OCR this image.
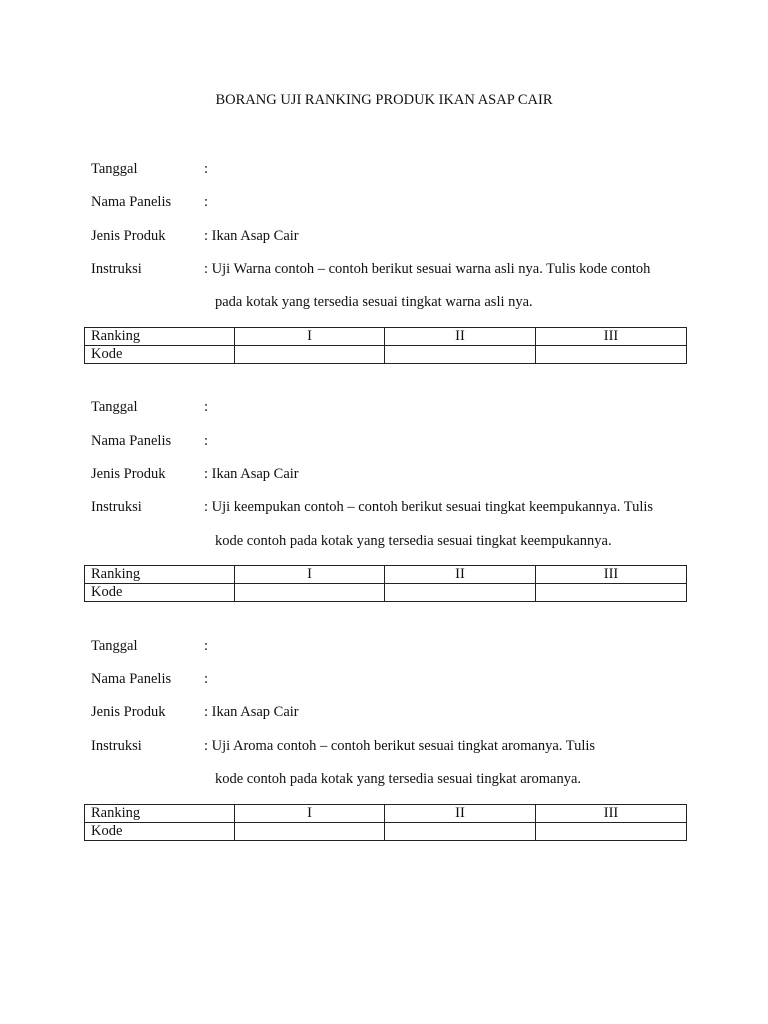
BORANG UJI RANKING PRODUK IKAN ASAP CAIR
Tanggal	:
Nama Panelis :
Jenis Produk	: Ikan Asap Cair
Instruksi	: Uji Warna contoh – contoh berikut sesuai warna asli nya. Tulis kode contoh
pada kotak yang tersedia sesuai tingkat warna asli nya.
Ranking	I	II	III
Kode			
Tanggal	:
Nama Panelis :
Jenis Produk	: Ikan Asap Cair
Instruksi	: Uji keempukan contoh – contoh berikut sesuai tingkat keempukannya. Tulis
kode contoh pada kotak yang tersedia sesuai tingkat keempukannya.
Ranking	I	II	III
Kode			
Tanggal	:
Nama Panelis :
Jenis Produk	: Ikan Asap Cair
Instruksi	: Uji Aroma contoh – contoh berikut sesuai tingkat aromanya. Tulis
kode contoh pada kotak yang tersedia sesuai tingkat aromanya.
Ranking	I	II	III
Kode			
